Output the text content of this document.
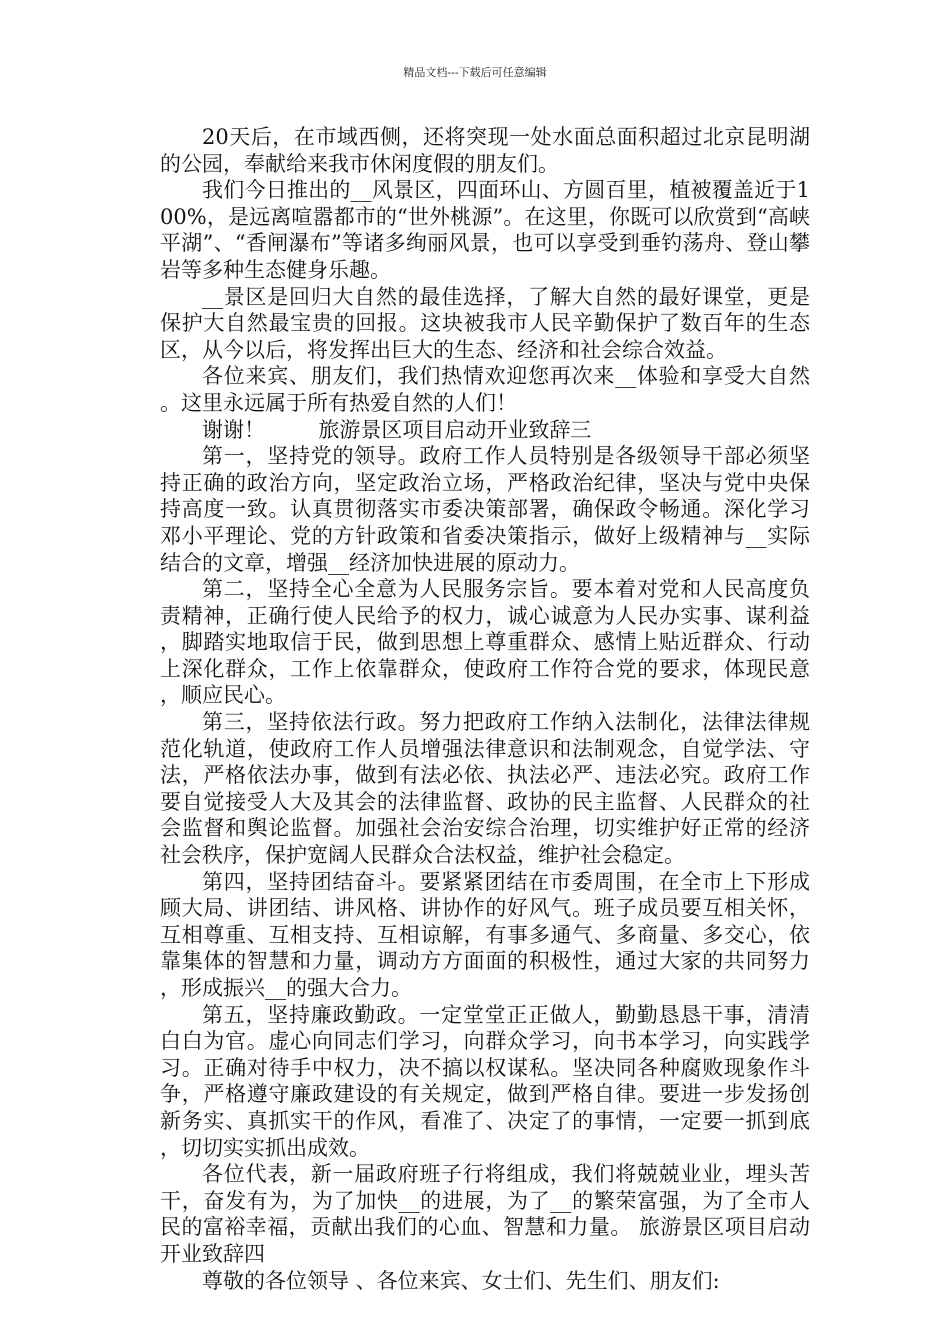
精品文档---下载后可任意编辑

20天后，在市域西侧，还将突现一处水面总面积超过北京昆明湖的公园，奉献给来我市休闲度假的朋友们。

我们今日推出的__风景区，四面环山、方圆百里，植被覆盖近于100%，是远离喧嚣都市的“世外桃源”。在这里，你既可以欣赏到“高峡平湖”、“香闸瀑布”等诸多绚丽风景，也可以享受到垂钓荡舟、登山攀岩等多种生态健身乐趣。

__景区是回归大自然的最佳选择，了解大自然的最好课堂，更是保护大自然最宝贵的回报。这块被我市人民辛勤保护了数百年的生态区，从今以后，将发挥出巨大的生态、经济和社会综合效益。

各位来宾、朋友们，我们热情欢迎您再次来__体验和享受大自然。这里永远属于所有热爱自然的人们！

谢谢！        旅游景区项目启动开业致辞三

第一，坚持党的领导。政府工作人员特别是各级领导干部必须坚持正确的政治方向，坚定政治立场，严格政治纪律，坚决与党中央保持高度一致。认真贯彻落实市委决策部署，确保政令畅通。深化学习邓小平理论、党的方针政策和省委决策指示，做好上级精神与__实际结合的文章，增强__经济加快进展的原动力。

第二，坚持全心全意为人民服务宗旨。要本着对党和人民高度负责精神，正确行使人民给予的权力，诚心诚意为人民办实事、谋利益，脚踏实地取信于民，做到思想上尊重群众、感情上贴近群众、行动上深化群众，工作上依靠群众，使政府工作符合党的要求，体现民意，顺应民心。

第三，坚持依法行政。努力把政府工作纳入法制化，法律法律规范化轨道，使政府工作人员增强法律意识和法制观念，自觉学法、守法，严格依法办事，做到有法必依、执法必严、违法必究。政府工作要自觉接受人大及其会的法律监督、政协的民主监督、人民群众的社会监督和舆论监督。加强社会治安综合治理，切实维护好正常的经济社会秩序，保护宽阔人民群众合法权益，维护社会稳定。

第四，坚持团结奋斗。要紧紧团结在市委周围，在全市上下形成顾大局、讲团结、讲风格、讲协作的好风气。班子成员要互相关怀，互相尊重、互相支持、互相谅解，有事多通气、多商量、多交心，依靠集体的智慧和力量，调动方方面面的积极性，通过大家的共同努力，形成振兴__的强大合力。

第五，坚持廉政勤政。一定堂堂正正做人，勤勤恳恳干事，清清白白为官。虚心向同志们学习，向群众学习，向书本学习，向实践学习。正确对待手中权力，决不搞以权谋私。坚决同各种腐败现象作斗争，严格遵守廉政建设的有关规定，做到严格自律。要进一步发扬创新务实、真抓实干的作风，看准了、决定了的事情，一定要一抓到底，切切实实抓出成效。

各位代表，新一届政府班子行将组成，我们将兢兢业业，埋头苦干，奋发有为，为了加快__的进展，为了__的繁荣富强，为了全市人民的富裕幸福，贡献出我们的心血、智慧和力量。 旅游景区项目启动开业致辞四

尊敬的各位领导 、各位来宾、女士们、先生们、朋友们:
